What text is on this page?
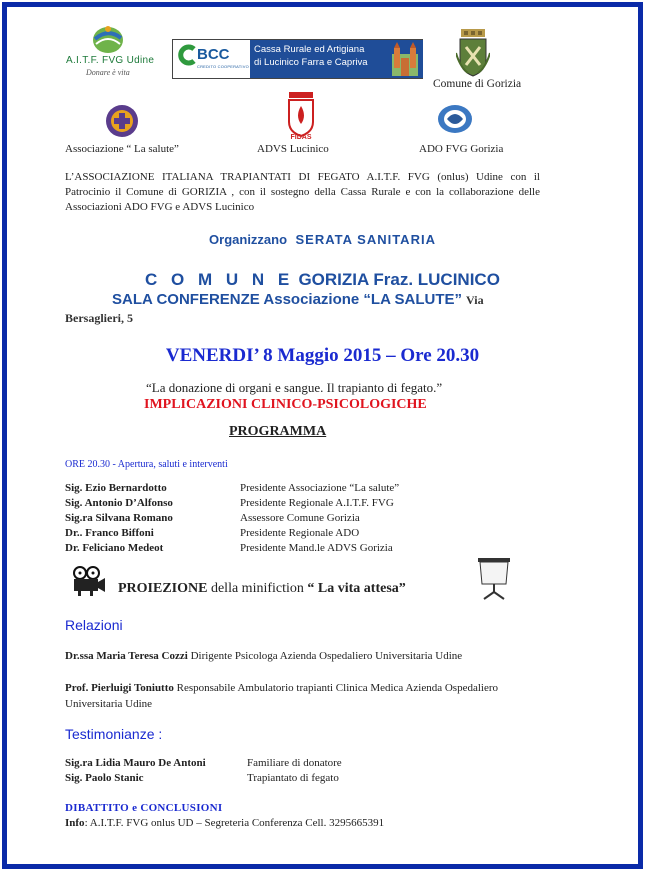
A.I.T.F. FVG Udine
Donare è vita
BCC
CREDITO COOPERATIVO
Cassa Rurale ed Artigiana
di Lucinico Farra e Capriva
Comune di Gorizia
Associazione “ La salute”
FIDAS
ADVS Lucinico	ADO FVG Gorizia
L’ASSOCIAZIONE ITALIANA TRAPIANTATI DI FEGATO A.I.T.F. FVG (onlus) Udine con il Patrocinio il Comune di GORIZIA , con il sostegno della Cassa Rurale e con la collaborazione delle Associazioni ADO FVG e ADVS Lucinico
Organizzano SERATA SANITARIA
C O M U N E GORIZIA Fraz. LUCINICO
SALA CONFERENZE Associazione “LA SALUTE” Via
Bersaglieri, 5
VENERDI’ 8 Maggio 2015 – Ore 20.30
“La donazione di organi e sangue. Il trapianto di fegato.”
IMPLICAZIONI CLINICO-PSICOLOGICHE
PROGRAMMA
ORE 20.30 - Apertura, saluti e interventi
Sig. Ezio Bernardotto	Presidente Associazione “La salute”
Sig. Antonio D’Alfonso	Presidente Regionale A.I.T.F. FVG
Sig.ra Silvana Romano	Assessore Comune Gorizia
Dr.. Franco Biffoni	Presidente Regionale ADO
Dr. Feliciano Medeot	Presidente Mand.le ADVS Gorizia
PROIEZIONE della minifiction “ La vita attesa”
Relazioni
Dr.ssa Maria Teresa Cozzi Dirigente Psicologa Azienda Ospedaliero Universitaria Udine
Prof. Pierluigi Toniutto Responsabile Ambulatorio trapianti Clinica Medica Azienda Ospedaliero Universitaria Udine
Testimonianze :
Sig.ra Lidia Mauro De Antoni	Familiare di donatore
Sig. Paolo Stanic	Trapiantato di fegato
DIBATTITO e CONCLUSIONI
Info: A.I.T.F. FVG onlus UD – Segreteria Conferenza Cell. 3295665391
